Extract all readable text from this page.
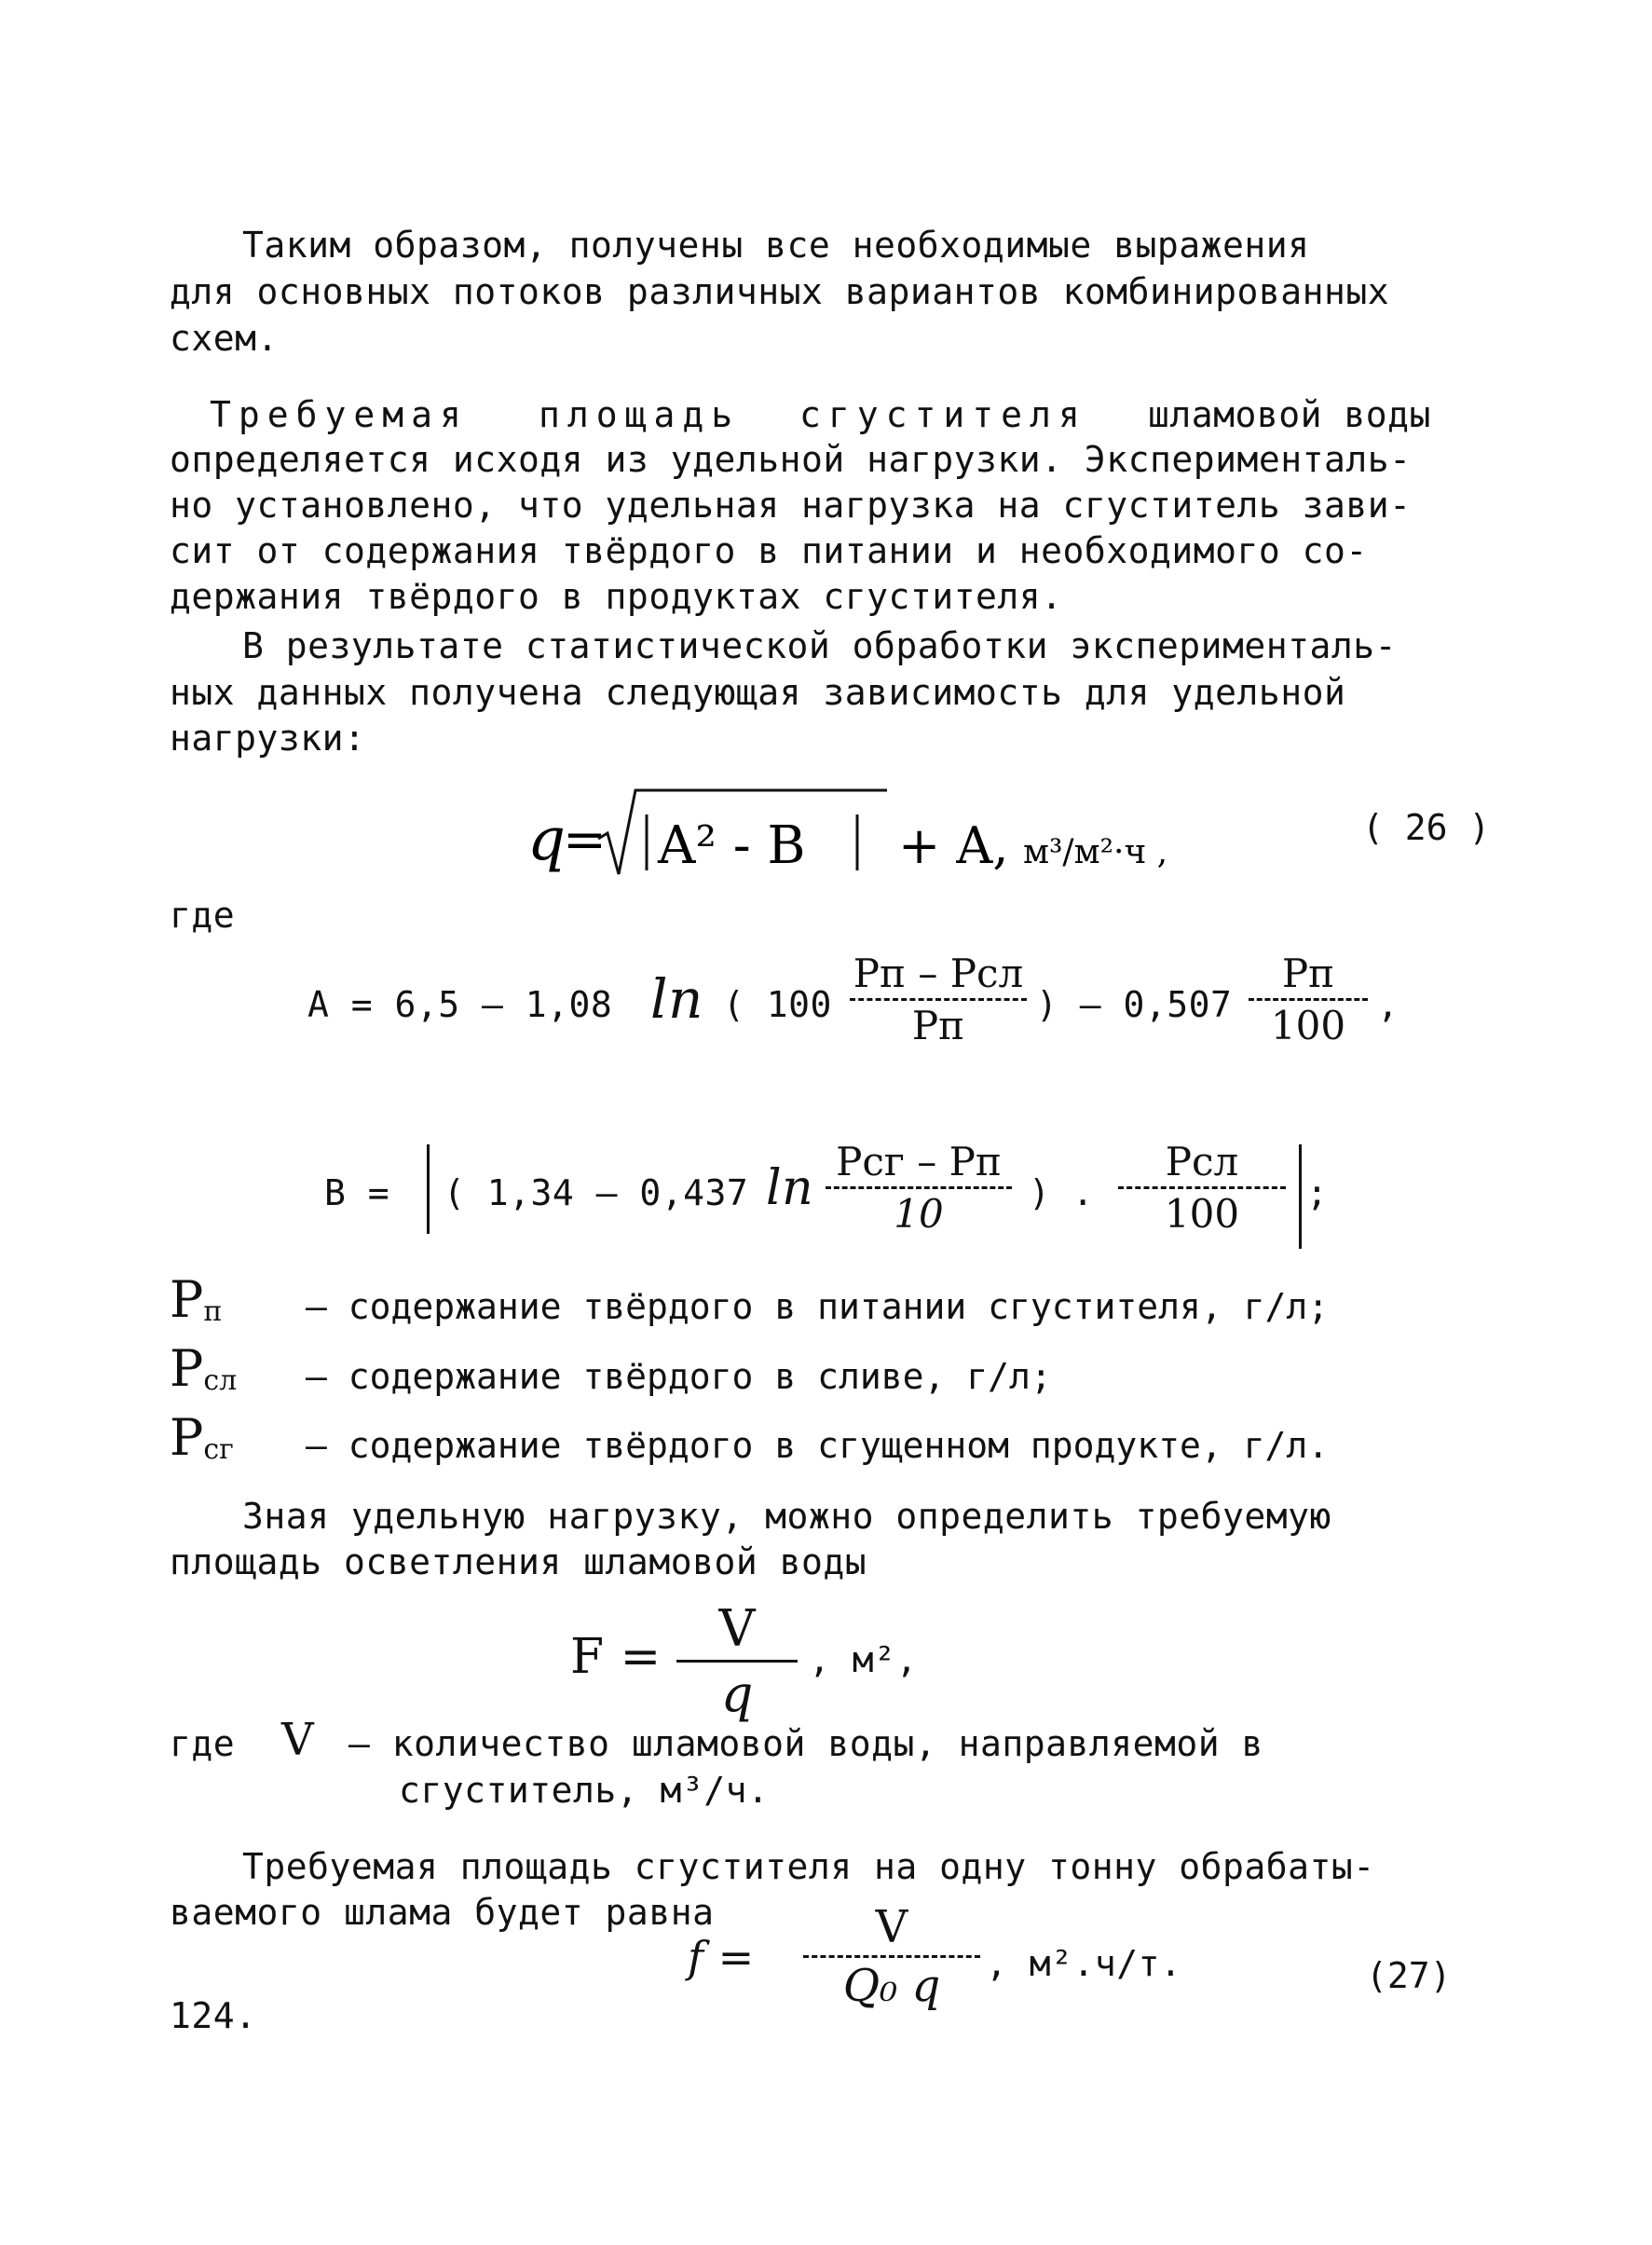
Таким образом, получены все необходимые выражения
для основных потоков различных вариантов комбинированных
схем.
Требуемая площадь сгустителя шламовой воды
определяется исходя из удельной нагрузки. Эксперименталь-
но установлено, что удельная нагрузка на сгуститель зави-
сит от содержания твёрдого в питании и необходимого со-
держания твёрдого в продуктах сгустителя.
В результате статистической обработки эксперименталь-
ных данных получена следующая зависимость для удельной
нагрузки:
q
= A² - B + A, м³/м²·ч ,
( 26 )
где
A = 6,5 – 1,08 ln ( 100
Pп – Pсл
Pп	) – 0,507
Pп
100 ,
B = ( 1,34 – 0,437 ln Pсг – Pп
10	) .
Pсл
100	;
$P_п$ – содержание твёрдого в питании сгустителя, г/л;
$P_{сл}$ – содержание твёрдого в сливе, г/л;
$P_{сг}$ – содержание твёрдого в сгущенном продукте, г/л.
Зная удельную нагрузку, можно определить требуемую
площадь осветления шламовой воды
F =	V
q
, м²,
где V – количество шламовой воды, направляемой в
сгуститель, м³/ч.
Требуемая площадь сгустителя на одну тонну обрабаты-
ваемого шлама будет равна
f =
V
Q₀ q	, м².ч/т.	(27)
124.
